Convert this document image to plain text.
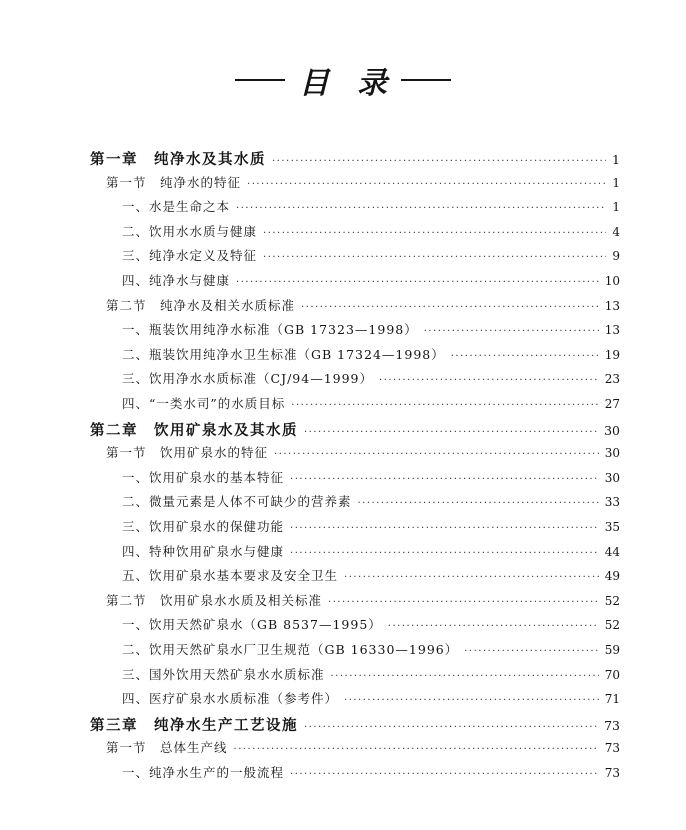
目录
第一章　纯净水及其水质 ·····	1
第一节　纯净水的特征 ·····	1
一、水是生命之本 ·····	1
二、饮用水水质与健康 ·····	4
三、纯净水定义及特征 ·····	9
四、纯净水与健康 ·····	10
第二节　纯净水及相关水质标准 ·····	13
一、瓶装饮用纯净水标准（GB 17323—1998） ·····	13
二、瓶装饮用纯净水卫生标准（GB 17324—1998） ·····	19
三、饮用净水水质标准（CJ/94—1999） ·····	23
四、“一类水司”的水质目标 ·····	27
第二章　饮用矿泉水及其水质 ·····	30
第一节　饮用矿泉水的特征 ·····	30
一、饮用矿泉水的基本特征 ·····	30
二、微量元素是人体不可缺少的营养素 ·····	33
三、饮用矿泉水的保健功能 ·····	35
四、特种饮用矿泉水与健康 ·····	44
五、饮用矿泉水基本要求及安全卫生 ·····	49
第二节　饮用矿泉水水质及相关标准 ·····	52
一、饮用天然矿泉水（GB 8537—1995） ·····	52
二、饮用天然矿泉水厂卫生规范（GB 16330—1996） ·····	59
三、国外饮用天然矿泉水水质标准 ·····	70
四、医疗矿泉水水质标准（参考件） ·····	71
第三章　纯净水生产工艺设施 ·····	73
第一节　总体生产线 ·····	73
一、纯净水生产的一般流程 ·····	73
